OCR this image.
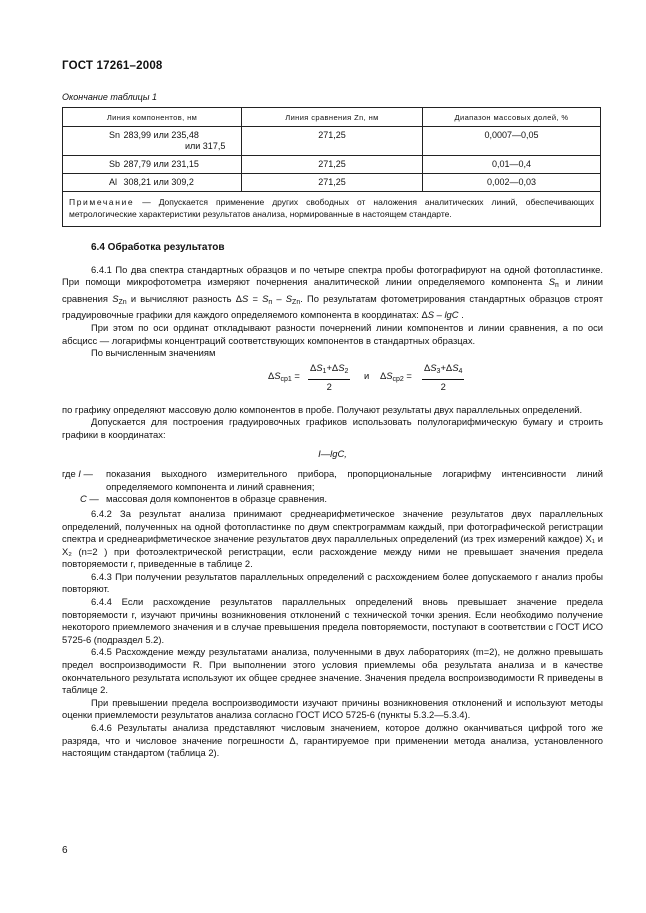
ГОСТ 17261–2008
Окончание таблицы 1
Линия компонентов, нм	Линия сравнения Zn, нм	Диапазон массовых долей, %
Sn 283,99 или 235,48
или 317,5	271,25	0,0007—0,05
Sb 287,79 или 231,15	271,25	0,01—0,4
Al 308,21 или 309,2	271,25	0,002—0,03
Примечание — Допускается применение других свободных от наложения аналитических линий, обеспечивающих метрологические характеристики результатов анализа, нормированные в настоящем стандарте.		
6.4 Обработка результатов

6.4.1 По два спектра стандартных образцов и по четыре спектра пробы фотографируют на одной фотопластинке. При помощи микрофотометра измеряют почернения аналитической линии определяемого компонента $S_п$ и линии сравнения $S_{Zn}$ и вычисляют разность $\Delta S = S_п - S_{Zn}$. По результатам фотометрирования стандартных образцов строят градуировочные графики для каждого определяемого компонента в координатах: ΔS – lgC .

При этом по оси ординат откладывают разности почернений линии компонентов и линии сравнения, а по оси абсцисс — логарифмы концентраций соответствующих компонентов в стандартных образцах.

По вычисленным значениям

$\Delta S_{ср1} = \frac{\Delta S_1+\Delta S_2}{2}$ и $\Delta S_{ср2} = \frac{\Delta S_3+\Delta S_4}{2}$

по графику определяют массовую долю компонентов в пробе. Получают результаты двух параллельных определений.

Допускается для построения градуировочных графиков использовать полулогарифмическую бумагу и строить графики в координатах:

I—lgC,
где I —	показания выходного измерительного прибора, пропорциональные логарифму интенсивности линий определяемого компонента и линий сравнения;
C — массовая доля компонентов в образце сравнения.

6.4.2 За результат анализа принимают среднеарифметическое значение результатов двух параллельных определений, полученных на одной фотопластинке по двум спектрограммам каждый, при фотографической регистрации спектра и среднеарифметическое значение результатов двух параллельных определений (из трех измерений каждое) X₁ и X₂ (n=2 ) при фотоэлектрической регистрации, если расхождение между ними не превышает значения предела повторяемости r, приведенные в таблице 2.

6.4.3 При получении результатов параллельных определений с расхождением более допускаемого r анализ пробы повторяют.

6.4.4 Если расхождение результатов параллельных определений вновь превышает значение предела повторяемости r, изучают причины возникновения отклонений с технической точки зрения. Если необходимо получение некоторого приемлемого значения и в случае превышения предела повторяемости, поступают в соответствии с ГОСТ ИСО 5725-6 (подраздел 5.2).

6.4.5 Расхождение между результатами анализа, полученными в двух лабораториях (m=2), не должно превышать предел воспроизводимости R. При выполнении этого условия приемлемы оба результата анализа и в качестве окончательного результата используют их общее среднее значение. Значения предела воспроизводимости R приведены в таблице 2.

При превышении предела воспроизводимости изучают причины возникновения отклонений и используют методы оценки приемлемости результатов анализа согласно ГОСТ ИСО 5725-6 (пункты 5.3.2—5.3.4).

6.4.6 Результаты анализа представляют числовым значением, которое должно оканчиваться цифрой того же разряда, что и числовое значение погрешности Δ, гарантируемое при применении метода анализа, установленного настоящим стандартом (таблица 2).

6
